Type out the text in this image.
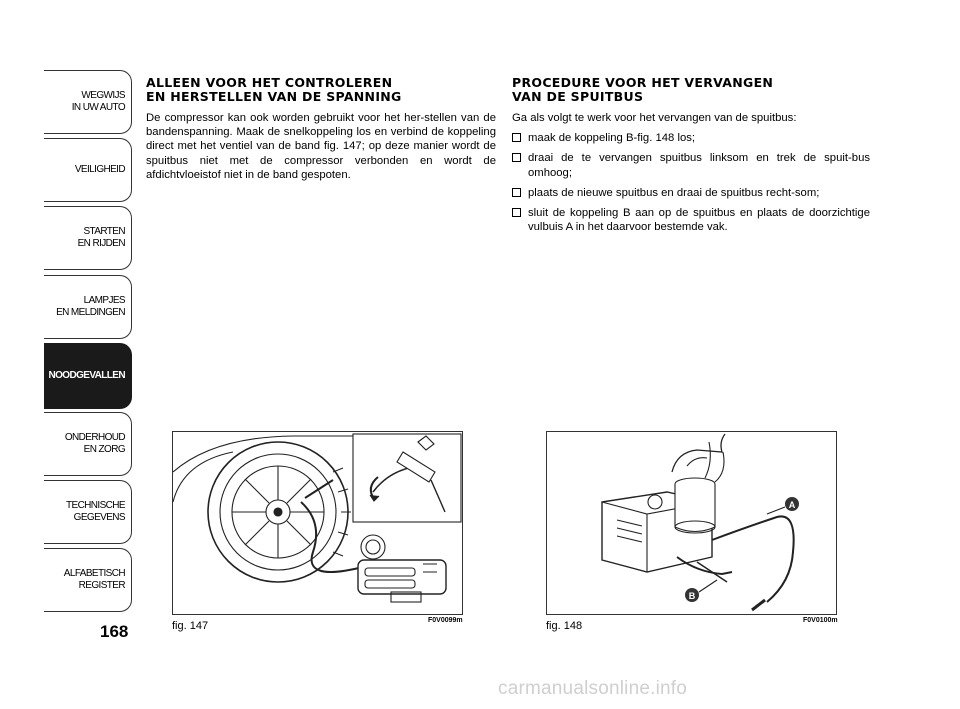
WEGWIJS
IN UW AUTO
VEILIGHEID
STARTEN
EN RIJDEN
LAMPJES
EN MELDINGEN
NOODGEVALLEN
ONDERHOUD
EN ZORG
TECHNISCHE
GEGEVENS
ALFABETISCH
REGISTER
168
ALLEEN VOOR HET CONTROLEREN
EN HERSTELLEN VAN DE SPANNING

De compressor kan ook worden gebruikt voor het her-stellen van de bandenspanning. Maak de snelkoppeling los en verbind de koppeling direct met het ventiel van de band fig. 147; op deze manier wordt de spuitbus niet met de compressor verbonden en wordt de afdichtvloeistof niet in de band gespoten.

PROCEDURE VOOR HET VERVANGEN
VAN DE SPUITBUS

Ga als volgt te werk voor het vervangen van de spuitbus:

maak de koppeling B-fig. 148 los;
draai de te vervangen spuitbus linksom en trek de spuit-bus omhoog;
plaats de nieuwe spuitbus en draai de spuitbus recht-som;
sluit de koppeling B aan op de spuitbus en plaats de doorzichtige vulbuis A in het daarvoor bestemde vak.
fig. 147	F0V0099m
A
B
fig. 148	F0V0100m
carmanualsonline.info
